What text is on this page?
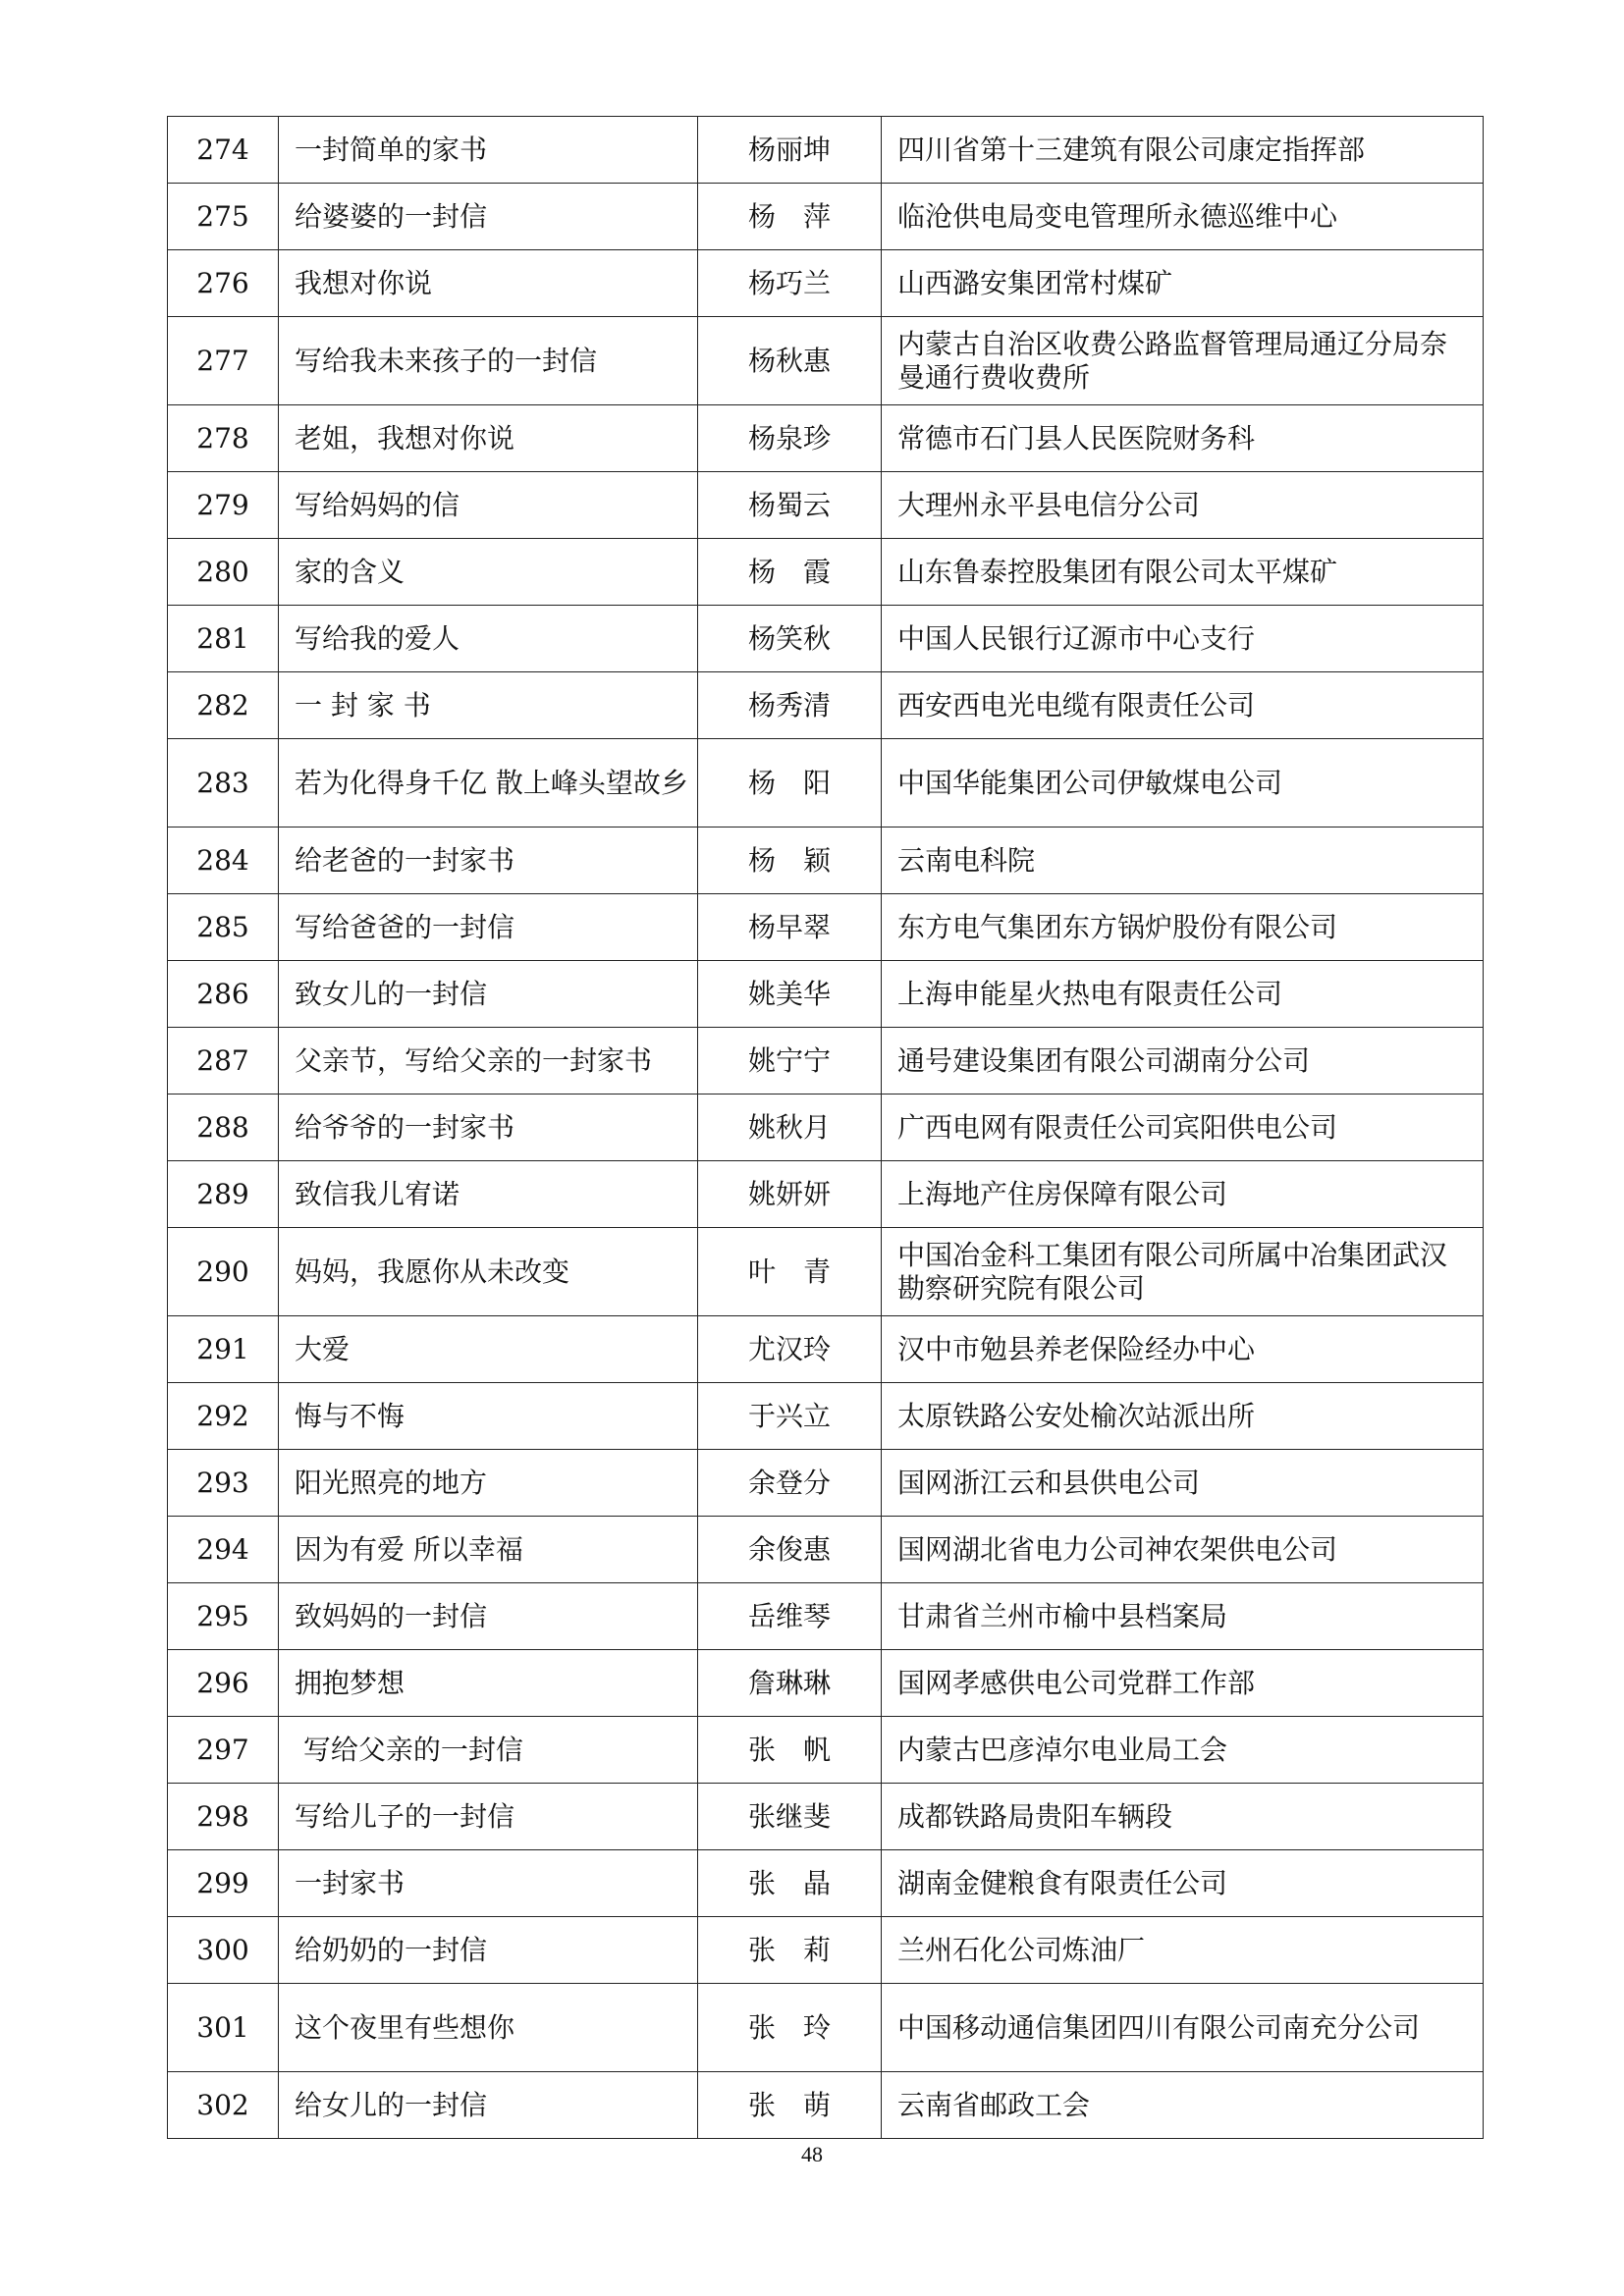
274	一封简单的家书	杨丽坤	四川省第十三建筑有限公司康定指挥部
275	给婆婆的一封信	杨　萍	临沧供电局变电管理所永德巡维中心
276	我想对你说	杨巧兰	山西潞安集团常村煤矿
277	写给我未来孩子的一封信	杨秋惠	内蒙古自治区收费公路监督管理局通辽分局奈曼通行费收费所
278	老姐，我想对你说	杨泉珍	常德市石门县人民医院财务科
279	写给妈妈的信	杨蜀云	大理州永平县电信分公司
280	家的含义	杨　霞	山东鲁泰控股集团有限公司太平煤矿
281	写给我的爱人	杨笑秋	中国人民银行辽源市中心支行
282	一 封 家 书	杨秀清	西安西电光电缆有限责任公司
283	若为化得身千亿 散上峰头望故乡	杨　阳	中国华能集团公司伊敏煤电公司
284	给老爸的一封家书	杨　颖	云南电科院
285	写给爸爸的一封信	杨早翠	东方电气集团东方锅炉股份有限公司
286	致女儿的一封信	姚美华	上海申能星火热电有限责任公司
287	父亲节，写给父亲的一封家书	姚宁宁	通号建设集团有限公司湖南分公司
288	给爷爷的一封家书	姚秋月	广西电网有限责任公司宾阳供电公司
289	致信我儿宥诺	姚妍妍	上海地产住房保障有限公司
290	妈妈，我愿你从未改变	叶　青	中国冶金科工集团有限公司所属中冶集团武汉勘察研究院有限公司
291	大爱	尤汉玲	汉中市勉县养老保险经办中心
292	悔与不悔	于兴立	太原铁路公安处榆次站派出所
293	阳光照亮的地方	余登分	国网浙江云和县供电公司
294	因为有爱 所以幸福	余俊惠	国网湖北省电力公司神农架供电公司
295	致妈妈的一封信	岳维琴	甘肃省兰州市榆中县档案局
296	拥抱梦想	詹琳琳	国网孝感供电公司党群工作部
297	写给父亲的一封信	张　帆	内蒙古巴彦淖尔电业局工会
298	写给儿子的一封信	张继斐	成都铁路局贵阳车辆段
299	一封家书	张　晶	湖南金健粮食有限责任公司
300	给奶奶的一封信	张　莉	兰州石化公司炼油厂
301	这个夜里有些想你	张　玲	中国移动通信集团四川有限公司南充分公司
302	给女儿的一封信	张　萌	云南省邮政工会
48
